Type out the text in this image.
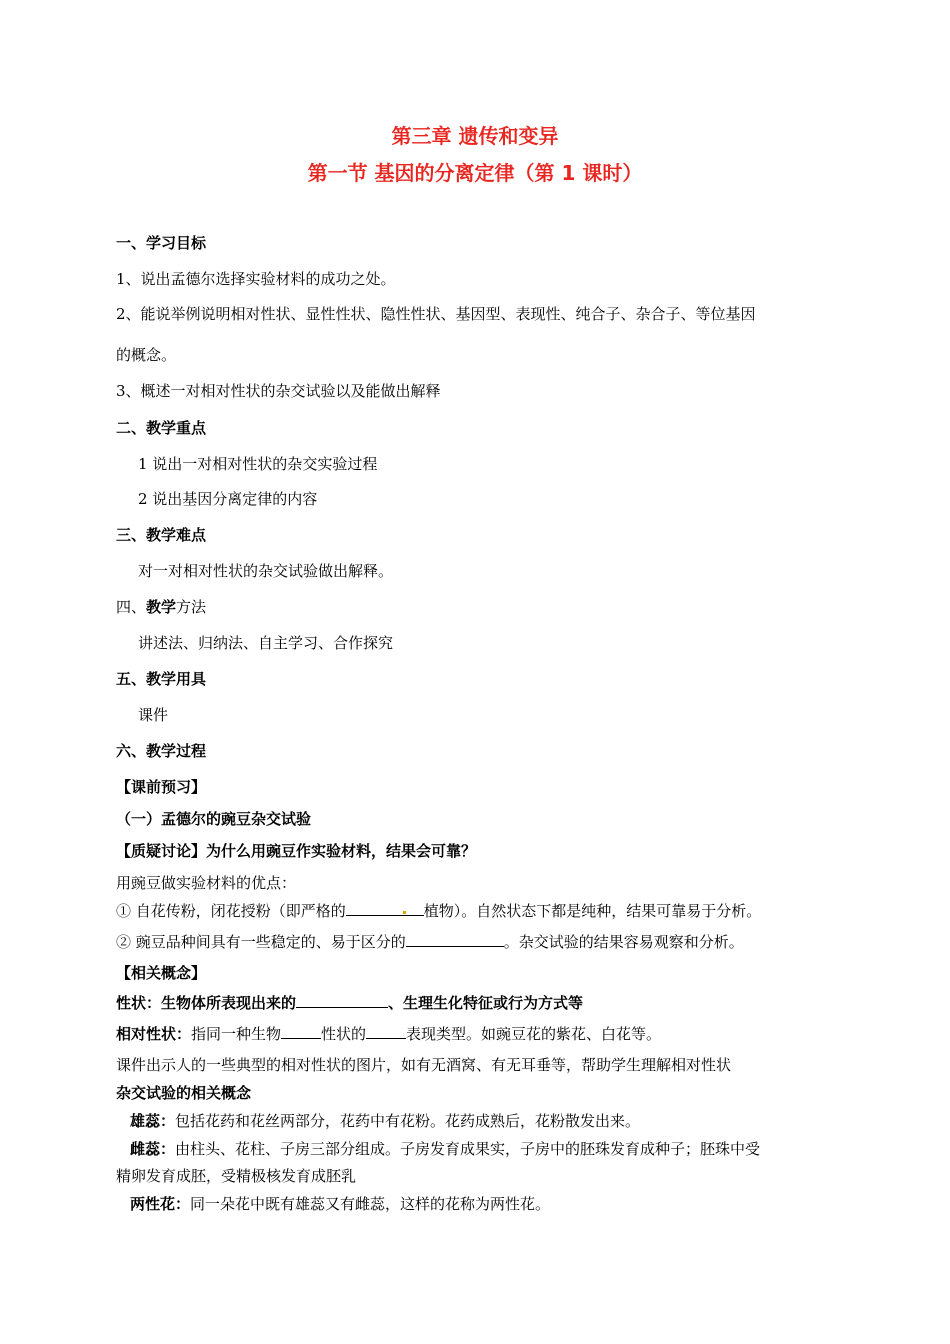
第三章 遗传和变异
第一节 基因的分离定律（第 1 课时）
一、学习目标
1、说出孟德尔选择实验材料的成功之处。
2、能说举例说明相对性状、显性性状、隐性性状、基因型、表现性、纯合子、杂合子、等位基因
的概念。
3、概述一对相对性状的杂交试验以及能做出解释
二、教学重点
1 说出一对相对性状的杂交实验过程
2 说出基因分离定律的内容
三、教学难点
对一对相对性状的杂交试验做出解释。
四、教学方法
讲述法、归纳法、自主学习、合作探究
五、教学用具
课件
六、教学过程
【课前预习】
（一）孟德尔的豌豆杂交试验
【质疑讨论】为什么用豌豆作实验材料，结果会可靠？
用豌豆做实验材料的优点：
① 自花传粉，闭花授粉（即严格的	植物）。自然状态下都是纯种，结果可靠易于分析。
② 豌豆品种间具有一些稳定的、易于区分的	。杂交试验的结果容易观察和分析。
【相关概念】
性状：生物体所表现出来的	、生理生化特征或行为方式等
相对性状：指同一种生物	性状的	表现类型。如豌豆花的紫花、白花等。
课件出示人的一些典型的相对性状的图片，如有无酒窝、有无耳垂等，帮助学生理解相对性状
杂交试验的相关概念
雄蕊：包括花药和花丝两部分，花药中有花粉。花药成熟后，花粉散发出来。
雌蕊：由柱头、花柱、子房三部分组成。子房发育成果实，子房中的胚珠发育成种子；胚珠中受
精卵发育成胚，受精极核发育成胚乳
两性花：同一朵花中既有雄蕊又有雌蕊，这样的花称为两性花。
